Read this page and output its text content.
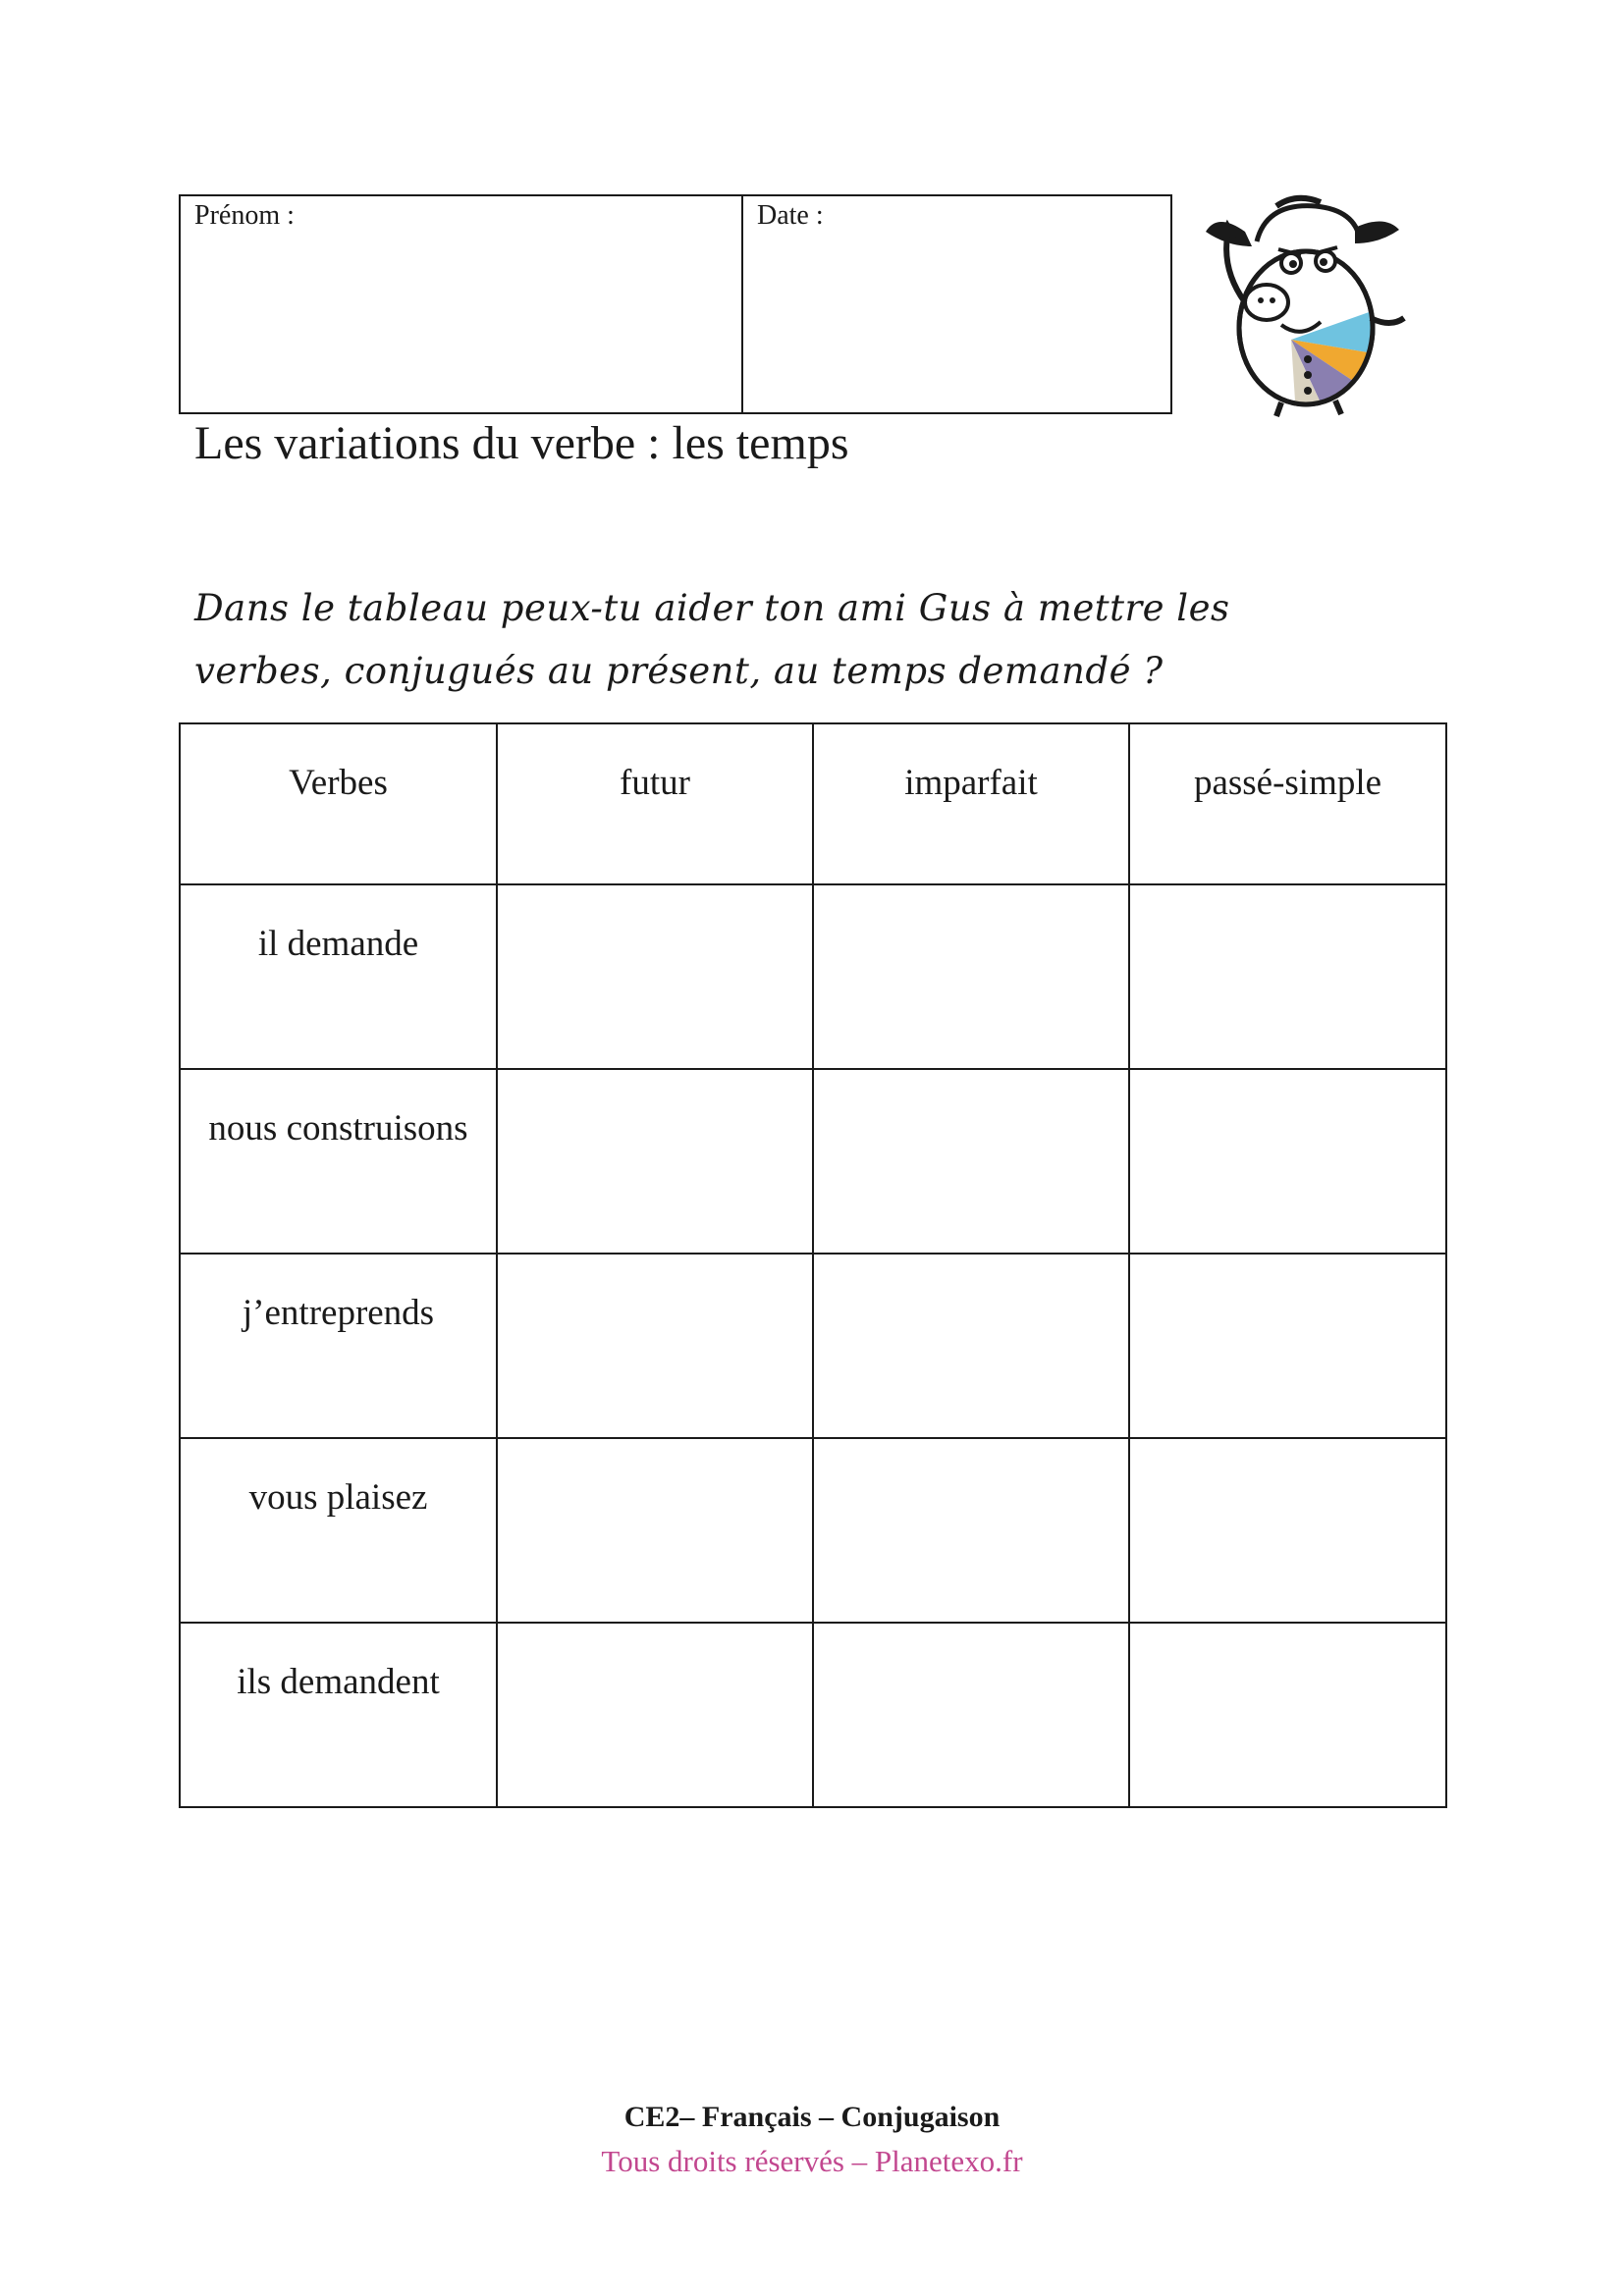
Prénom :	Date :
Les variations du verbe : les temps
Dans le tableau peux-tu aider ton ami Gus à mettre les
verbes, conjugués au présent, au temps demandé ?
Verbes	futur	imparfait	passé-simple
il demande			
nous construisons			
j’entreprends			
vous plaisez			
ils demandent			
CE2– Français – Conjugaison
Tous droits réservés – Planetexo.fr
